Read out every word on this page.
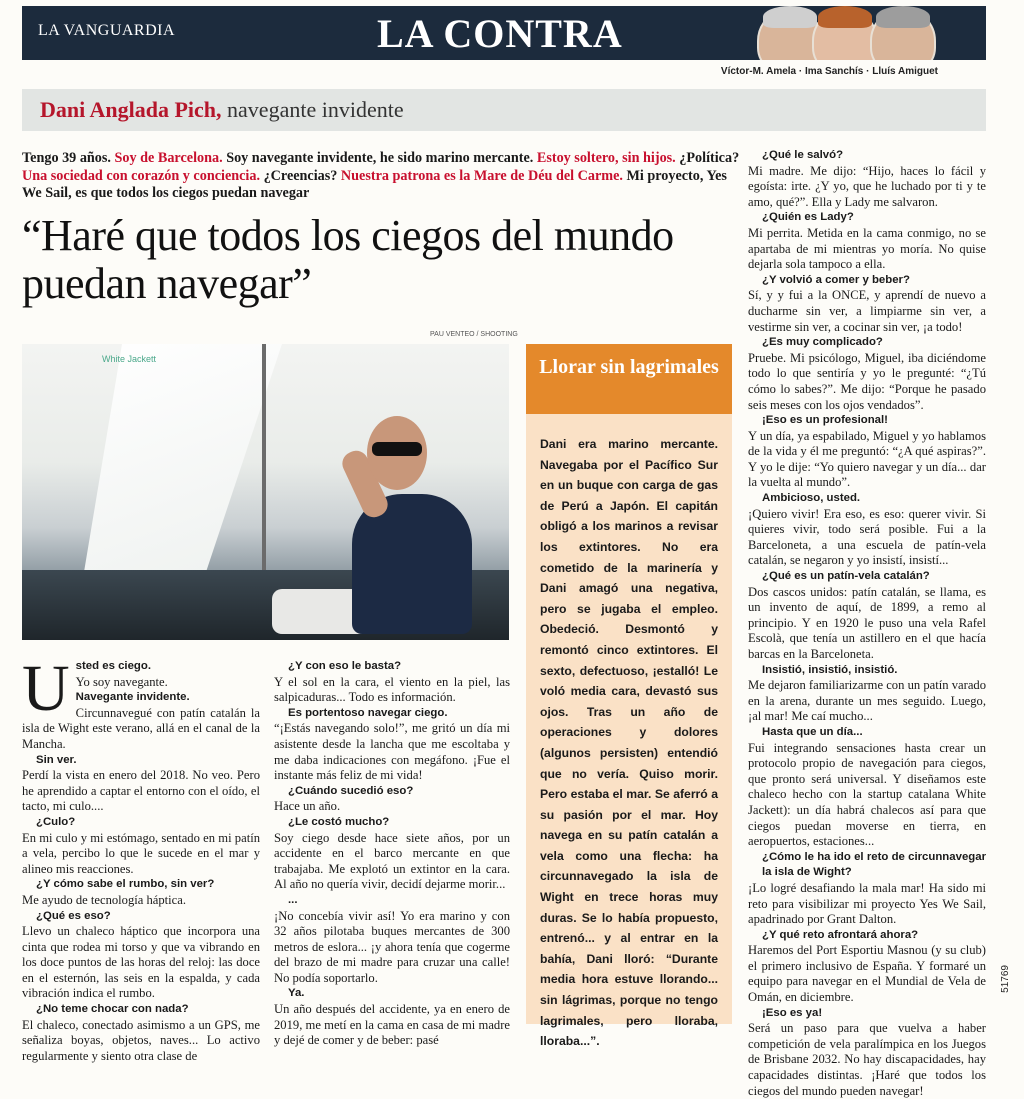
LA VANGUARDIA	LA CONTRA
Víctor-M. Amela · Ima Sanchís · Lluís Amiguet
Dani Anglada Pich, navegante invidente
Tengo 39 años. Soy de Barcelona. Soy navegante invidente, he sido marino mercante. Estoy soltero, sin hijos. ¿Política? Una sociedad con corazón y conciencia. ¿Creencias? Nuestra patrona es la Mare de Déu del Carme. Mi proyecto, Yes We Sail, es que todos los ciegos puedan navegar
“Haré que todos los ciegos del mundo puedan navegar”
PAU VENTEO / SHOOTING
White Jackett	Llorar sin lagrimales
Dani era marino mercante. Navegaba por el Pacífico Sur en un buque con carga de gas de Perú a Japón. El capitán obligó a los marinos a revisar los extintores. No era cometido de la marinería y Dani amagó una negativa, pero se jugaba el empleo. Obedeció. Desmontó y remontó cinco extintores. El sexto, defectuoso, ¡estalló! Le voló media cara, devastó sus ojos. Tras un año de operaciones y dolores (algunos persisten) entendió que no vería. Quiso morir. Pero estaba el mar. Se aferró a su pasión por el mar. Hoy navega en su patín catalán a vela como una flecha: ha circunnavegado la isla de Wight en trece horas muy duras. Se lo había propuesto, entrenó... y al entrar en la bahía, Dani lloró: “Durante media hora estuve llorando... sin lágrimas, porque no tengo lagrimales, pero lloraba, lloraba...”.
U sted es ciego.

Yo soy navegante.

Navegante invidente.

Circunnavegué con patín catalán la isla de Wight este verano, allá en el canal de la Mancha.

Sin ver.

Perdí la vista en enero del 2018. No veo. Pero he aprendido a captar el entorno con el oído, el tacto, mi culo....

¿Culo?

En mi culo y mi estómago, sentado en mi patín a vela, percibo lo que le sucede en el mar y alineo mis reacciones.

¿Y cómo sabe el rumbo, sin ver?

Me ayudo de tecnología háptica.

¿Qué es eso?

Llevo un chaleco háptico que incorpora una cinta que rodea mi torso y que va vibrando en los doce puntos de las horas del reloj: las doce en el esternón, las seis en la espalda, y cada vibración indica el rumbo.

¿No teme chocar con nada?

El chaleco, conectado asimismo a un GPS, me señaliza boyas, objetos, naves... Lo activo regularmente y siento otra clase de

¿Y con eso le basta?

Y el sol en la cara, el viento en la piel, las salpicaduras... Todo es información.

Es portentoso navegar ciego.

“¡Estás navegando solo!”, me gritó un día mi asistente desde la lancha que me escoltaba y me daba indicaciones con megáfono. ¡Fue el instante más feliz de mi vida!

¿Cuándo sucedió eso?

Hace un año.

¿Le costó mucho?

Soy ciego desde hace siete años, por un accidente en el barco mercante en que trabajaba. Me explotó un extintor en la cara. Al año no quería vivir, decidí dejarme morir...

...

¡No concebía vivir así! Yo era marino y con 32 años pilotaba buques mercantes de 300 metros de eslora... ¡y ahora tenía que cogerme del brazo de mi madre para cruzar una calle! No podía soportarlo.

Ya.

Un año después del accidente, ya en enero de 2019, me metí en la cama en casa de mi madre y dejé de comer y de beber: pasé

¿Qué le salvó?

Mi madre. Me dijo: “Hijo, haces lo fácil y egoísta: irte. ¿Y yo, que he luchado por ti y te amo, qué?”. Ella y Lady me salvaron.

¿Quién es Lady?

Mi perrita. Metida en la cama conmigo, no se apartaba de mi mientras yo moría. No quise dejarla sola tampoco a ella.

¿Y volvió a comer y beber?

Sí, y y fui a la ONCE, y aprendí de nuevo a ducharme sin ver, a limpiarme sin ver, a vestirme sin ver, a cocinar sin ver, ¡a todo!

¿Es muy complicado?

Pruebe. Mi psicólogo, Miguel, iba diciéndome todo lo que sentiría y yo le pregunté: “¿Tú cómo lo sabes?”. Me dijo: “Porque he pasado seis meses con los ojos vendados”.

¡Eso es un profesional!

Y un día, ya espabilado, Miguel y yo hablamos de la vida y él me preguntó: “¿A qué aspiras?”. Y yo le dije: “Yo quiero navegar y un día... dar la vuelta al mundo”.

Ambicioso, usted.

¡Quiero vivir! Era eso, es eso: querer vivir. Si quieres vivir, todo será posible. Fui a la Barceloneta, a una escuela de patín-vela catalán, se negaron y yo insistí, insistí...

¿Qué es un patín-vela catalán?

Dos cascos unidos: patín catalán, se llama, es un invento de aquí, de 1899, a remo al principio. Y en 1920 le puso una vela Rafel Escolà, que tenía un astillero en el que hacía barcas en la Barceloneta.

Insistió, insistió, insistió.

Me dejaron familiarizarme con un patín varado en la arena, durante un mes seguido. Luego, ¡al mar! Me caí mucho...

Hasta que un día...

Fui integrando sensaciones hasta crear un protocolo propio de navegación para ciegos, que pronto será universal. Y diseñamos este chaleco hecho con la startup catalana White Jackett): un día habrá chalecos así para que ciegos puedan moverse en tierra, en aeropuertos, estaciones...

¿Cómo le ha ido el reto de circunnavegar la isla de Wight?

¡Lo logré desafiando la mala mar! Ha sido mi reto para visibilizar mi proyecto Yes We Sail, apadrinado por Grant Dalton.

¿Y qué reto afrontará ahora?

Haremos del Port Esportiu Masnou (y su club) el primero inclusivo de España. Y formaré un equipo para navegar en el Mundial de Vela de Omán, en diciembre.

¡Eso es ya!

Será un paso para que vuelva a haber competición de vela paralímpica en los Juegos de Brisbane 2032. No hay discapacidades, hay capacidades distintas. ¡Haré que todos los ciegos del mundo pueden navegar!

51769
